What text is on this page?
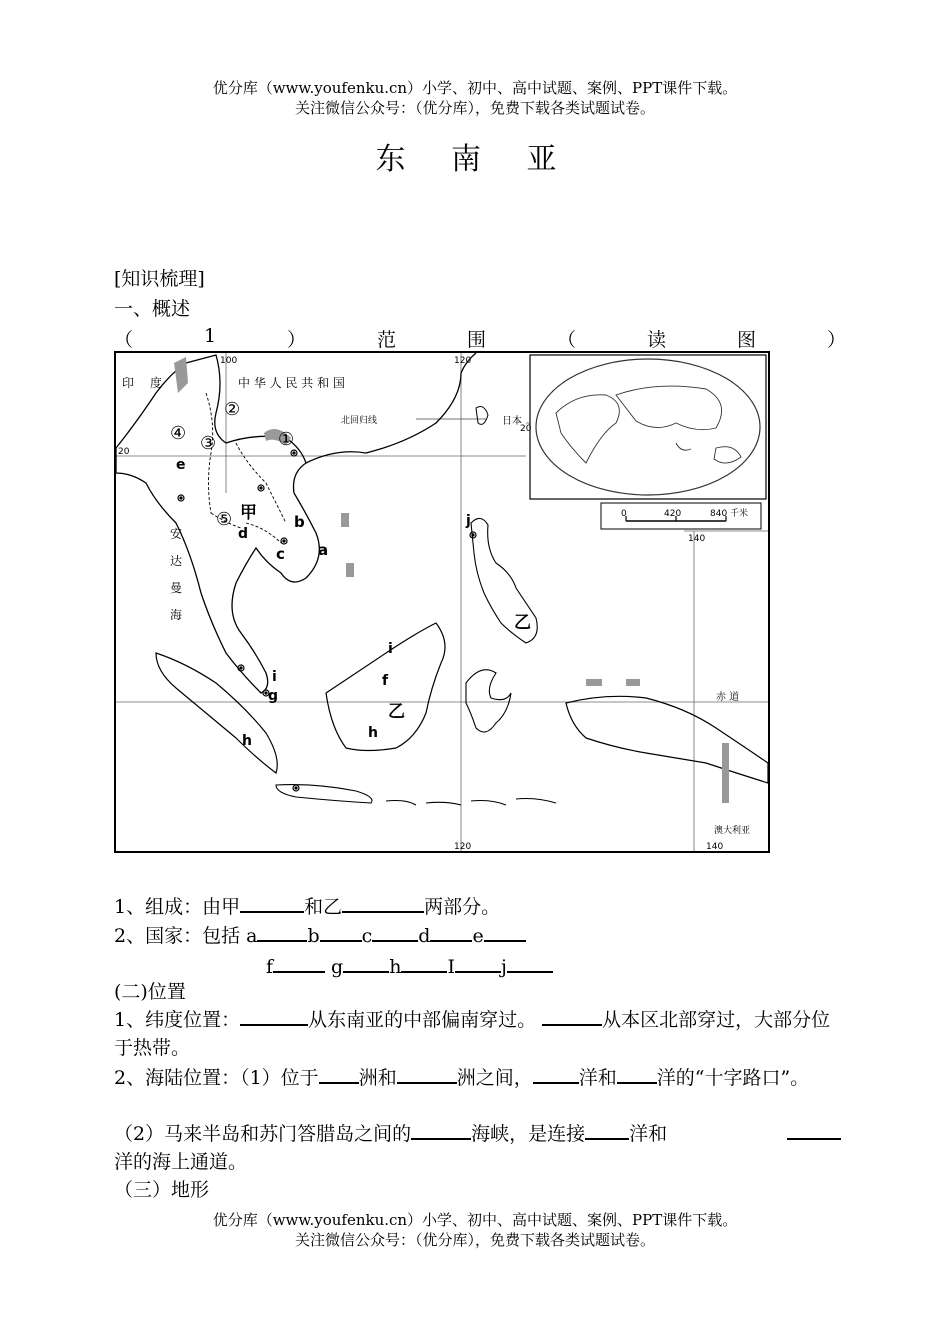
优分库（www.youfenku.cn）小学、初中、高中试题、案例、PPT课件下载。
关注微信公众号：（优分库），免费下载各类试题试卷。
东 南 亚
[知识梳理]
一、概述
（	1	）	范	围	（	读	图	）
中 华 人 民 共 和 国
印 度
北回归线	日本
赤 道
澳大利亚
安
达
曼
海
0	420	840 千米
100	120
140
140
120
20
20
甲
乙
乙
①
②
③
④
⑤
a
b
c
d
e
f
g
h	h
i
i
j
1、组成：由甲	和乙	两部分。
2、国家：包括 a	b c d e
f	g h I j
(二)位置
1、纬度位置：	从东南亚的中部偏南穿过。	从本区北部穿过，大部分位于热带。
2、海陆位置：（1）位于 洲和	洲之间， 洋和 洋的“十字路口”。
（2）马来半岛和苏门答腊岛之间的	海峡，是连接 洋和洋的海上通道。
（三）地形
优分库（www.youfenku.cn）小学、初中、高中试题、案例、PPT课件下载。
关注微信公众号：（优分库），免费下载各类试题试卷。
